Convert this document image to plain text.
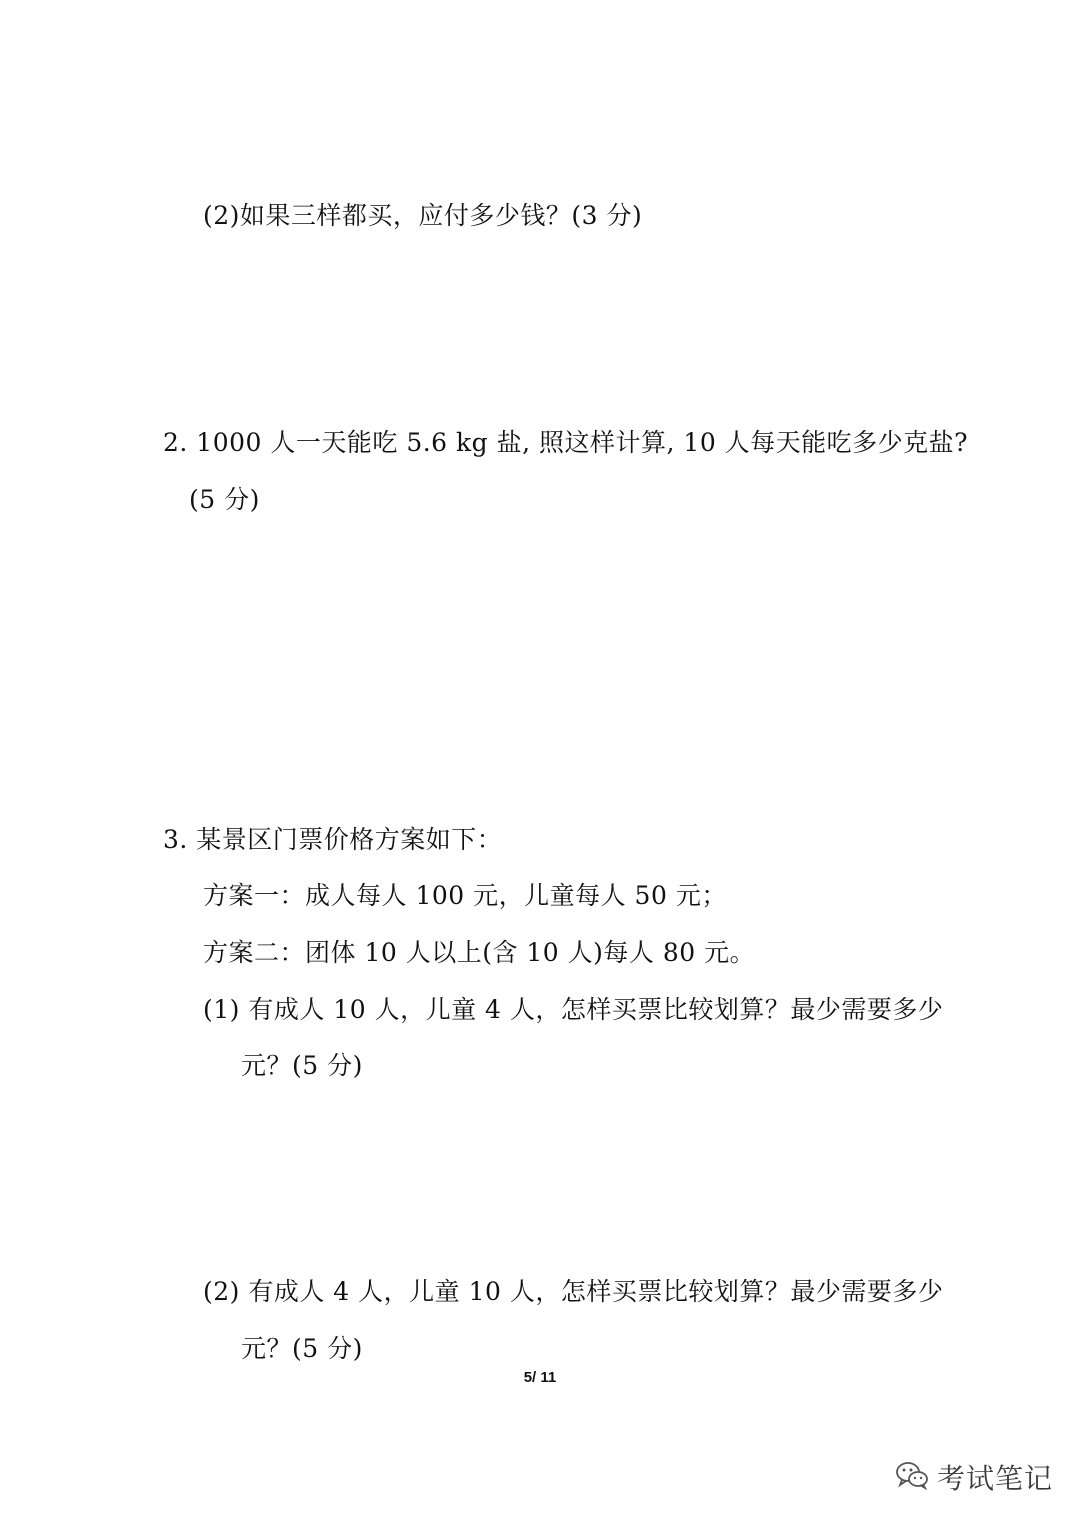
(2)如果三样都买，应付多少钱？(3 分)
2. 1000 人一天能吃 5.6 kg 盐, 照这样计算, 10 人每天能吃多少克盐?
(5 分)
3. 某景区门票价格方案如下：
方案一：成人每人 100 元，儿童每人 50 元；
方案二：团体 10 人以上(含 10 人)每人 80 元。
(1) 有成人 10 人，儿童 4 人，怎样买票比较划算？最少需要多少
元？(5 分)
(2) 有成人 4 人，儿童 10 人，怎样买票比较划算？最少需要多少
元？(5 分)
5/ 11
考试笔记
